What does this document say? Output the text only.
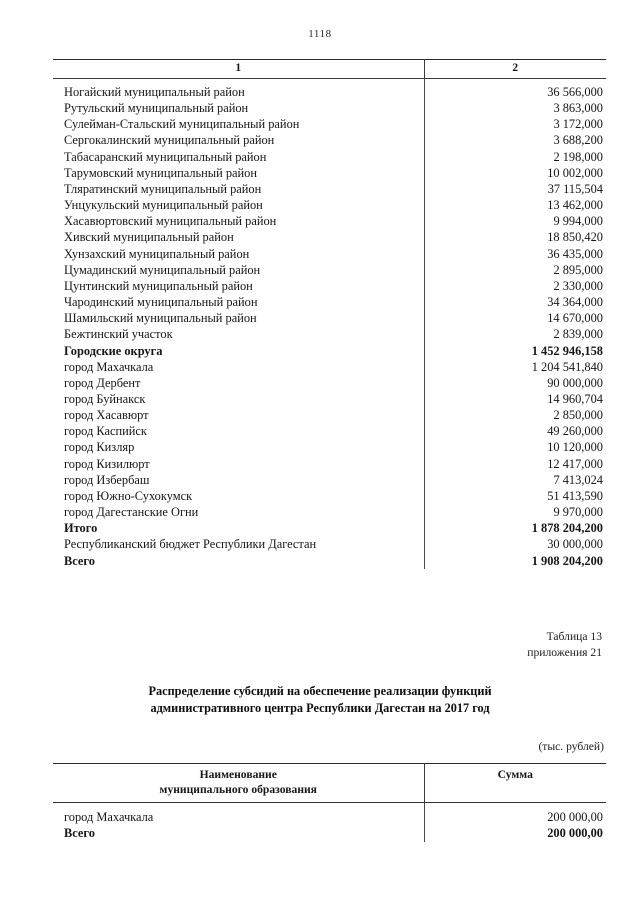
1118
1	2
Ногайский муниципальный район	36 566,000
Рутульский муниципальный район	3 863,000
Сулейман-Стальский муниципальный район	3 172,000
Сергокалинский муниципальный район	3 688,200
Табасаранский муниципальный район	2 198,000
Тарумовский муниципальный район	10 002,000
Тляратинский муниципальный район	37 115,504
Унцукульский муниципальный район	13 462,000
Хасавюртовский муниципальный район	9 994,000
Хивский муниципальный район	18 850,420
Хунзахский муниципальный район	36 435,000
Цумадинский муниципальный район	2 895,000
Цунтинский муниципальный район	2 330,000
Чародинский муниципальный район	34 364,000
Шамильский муниципальный район	14 670,000
Бежтинский участок	2 839,000
Городские округа	1 452 946,158
город Махачкала	1 204 541,840
город Дербент	90 000,000
город Буйнакск	14 960,704
город Хасавюрт	2 850,000
город Каспийск	49 260,000
город Кизляр	10 120,000
город Кизилюрт	12 417,000
город Избербаш	7 413,024
город Южно-Сухокумск	51 413,590
город Дагестанские Огни	9 970,000
Итого	1 878 204,200
Республиканский бюджет Республики Дагестан	30 000,000
Всего	1 908 204,200
Таблица 13
приложения 21
Распределение субсидий на обеспечение реализации функций
административного центра Республики Дагестан на 2017 год
(тыс. рублей)
Наименование
муниципального образования	Сумма
город Махачкала	200 000,00
Всего	200 000,00
